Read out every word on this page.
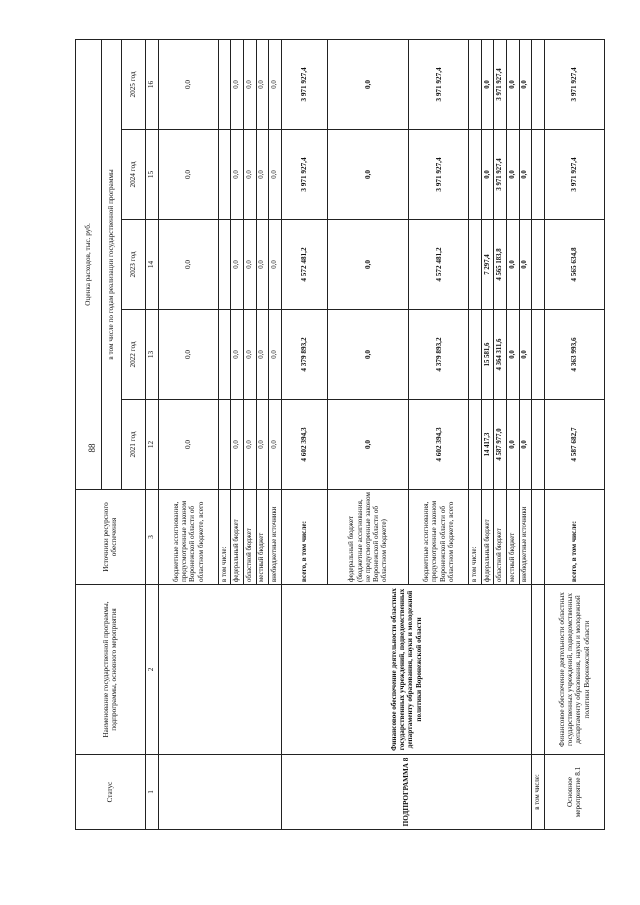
88
Статус	Наименование государственной программы, подпрограммы, основного мероприятия	Источники ресурсного обеспечения	Оценка расходов, тыс. руб.				
			в том числе по годам реализации государственной программы				
			2021 год	2022 год	2023 год	2024 год	2025 год
1	2	3	12	13	14	15	16
		бюджетные ассигнования, предусмотренные законом Воронежской области об областном бюджете, всего	0,0	0,0	0,0	0,0	0,0
		в том числе:					
		федеральный бюджет	0,0	0,0	0,0	0,0	0,0
		областной бюджет	0,0	0,0	0,0	0,0	0,0
		местный бюджет	0,0	0,0	0,0	0,0	0,0
		внебюджетные источники	0,0	0,0	0,0	0,0	0,0
ПОДПРОГРАММА 8	Финансовое обеспечение деятельности областных государственных учреждений, подведомственных департаменту образования, науки и молодежной политики Воронежской области	всего, в том числе:	4 602 394,3	4 379 893,2	4 572 481,2	3 971 927,4	3 971 927,4
		федеральный бюджет (бюджетные ассигнования, не предусмотренные законом Воронежской области об областном бюджете)	0,0	0,0	0,0	0,0	0,0
		бюджетные ассигнования, предусмотренные законом Воронежской области об областном бюджете, всего	4 602 394,3	4 379 893,2	4 572 481,2	3 971 927,4	3 971 927,4
		в том числе:					
		федеральный бюджет	14 417,3	15 581,6	7 297,4	0,0	0,0
		областной бюджет	4 587 977,0	4 364 311,6	4 565 183,8	3 971 927,4	3 971 927,4
		местный бюджет	0,0	0,0	0,0	0,0	0,0
		внебюджетные источники	0,0	0,0	0,0	0,0	0,0
в том числе:							
Основное мероприятие 8.1	Финансовое обеспечение деятельности областных государственных учреждений, подведомственных департаменту образования, науки и молодежной политики Воронежской области	всего, в том числе:	4 587 682,7	4 363 993,6	4 565 634,8	3 971 927,4	3 971 927,4
